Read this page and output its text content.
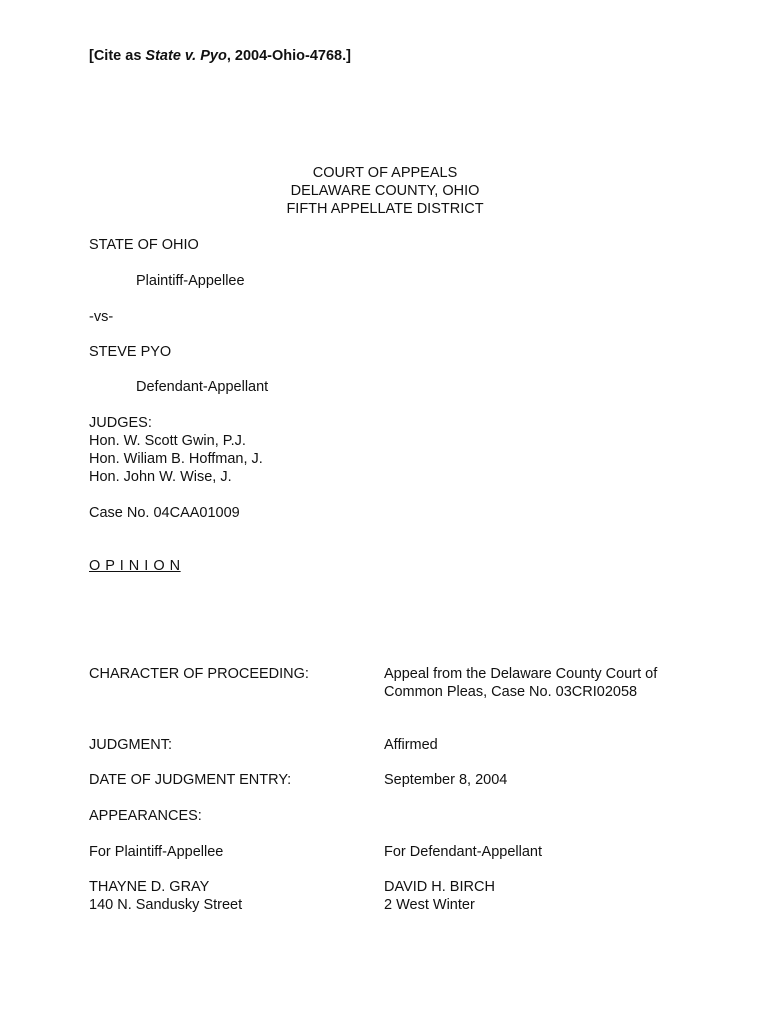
[Cite as State v. Pyo, 2004-Ohio-4768.]
COURT OF APPEALS
DELAWARE COUNTY, OHIO
FIFTH APPELLATE DISTRICT
STATE OF OHIO
Plaintiff-Appellee
-vs-
STEVE PYO
Defendant-Appellant
JUDGES:
Hon. W. Scott Gwin, P.J.
Hon. Wiliam B. Hoffman, J.
Hon. John W. Wise, J.
Case No. 04CAA01009
O P I N I O N
CHARACTER OF PROCEEDING:	Appeal from the Delaware County Court of
Common Pleas, Case No. 03CRI02058
JUDGMENT:	Affirmed
DATE OF JUDGMENT ENTRY:	September 8, 2004
APPEARANCES:
For Plaintiff-Appellee	For Defendant-Appellant
THAYNE D. GRAY	DAVID H. BIRCH
140 N. Sandusky Street	2 West Winter
